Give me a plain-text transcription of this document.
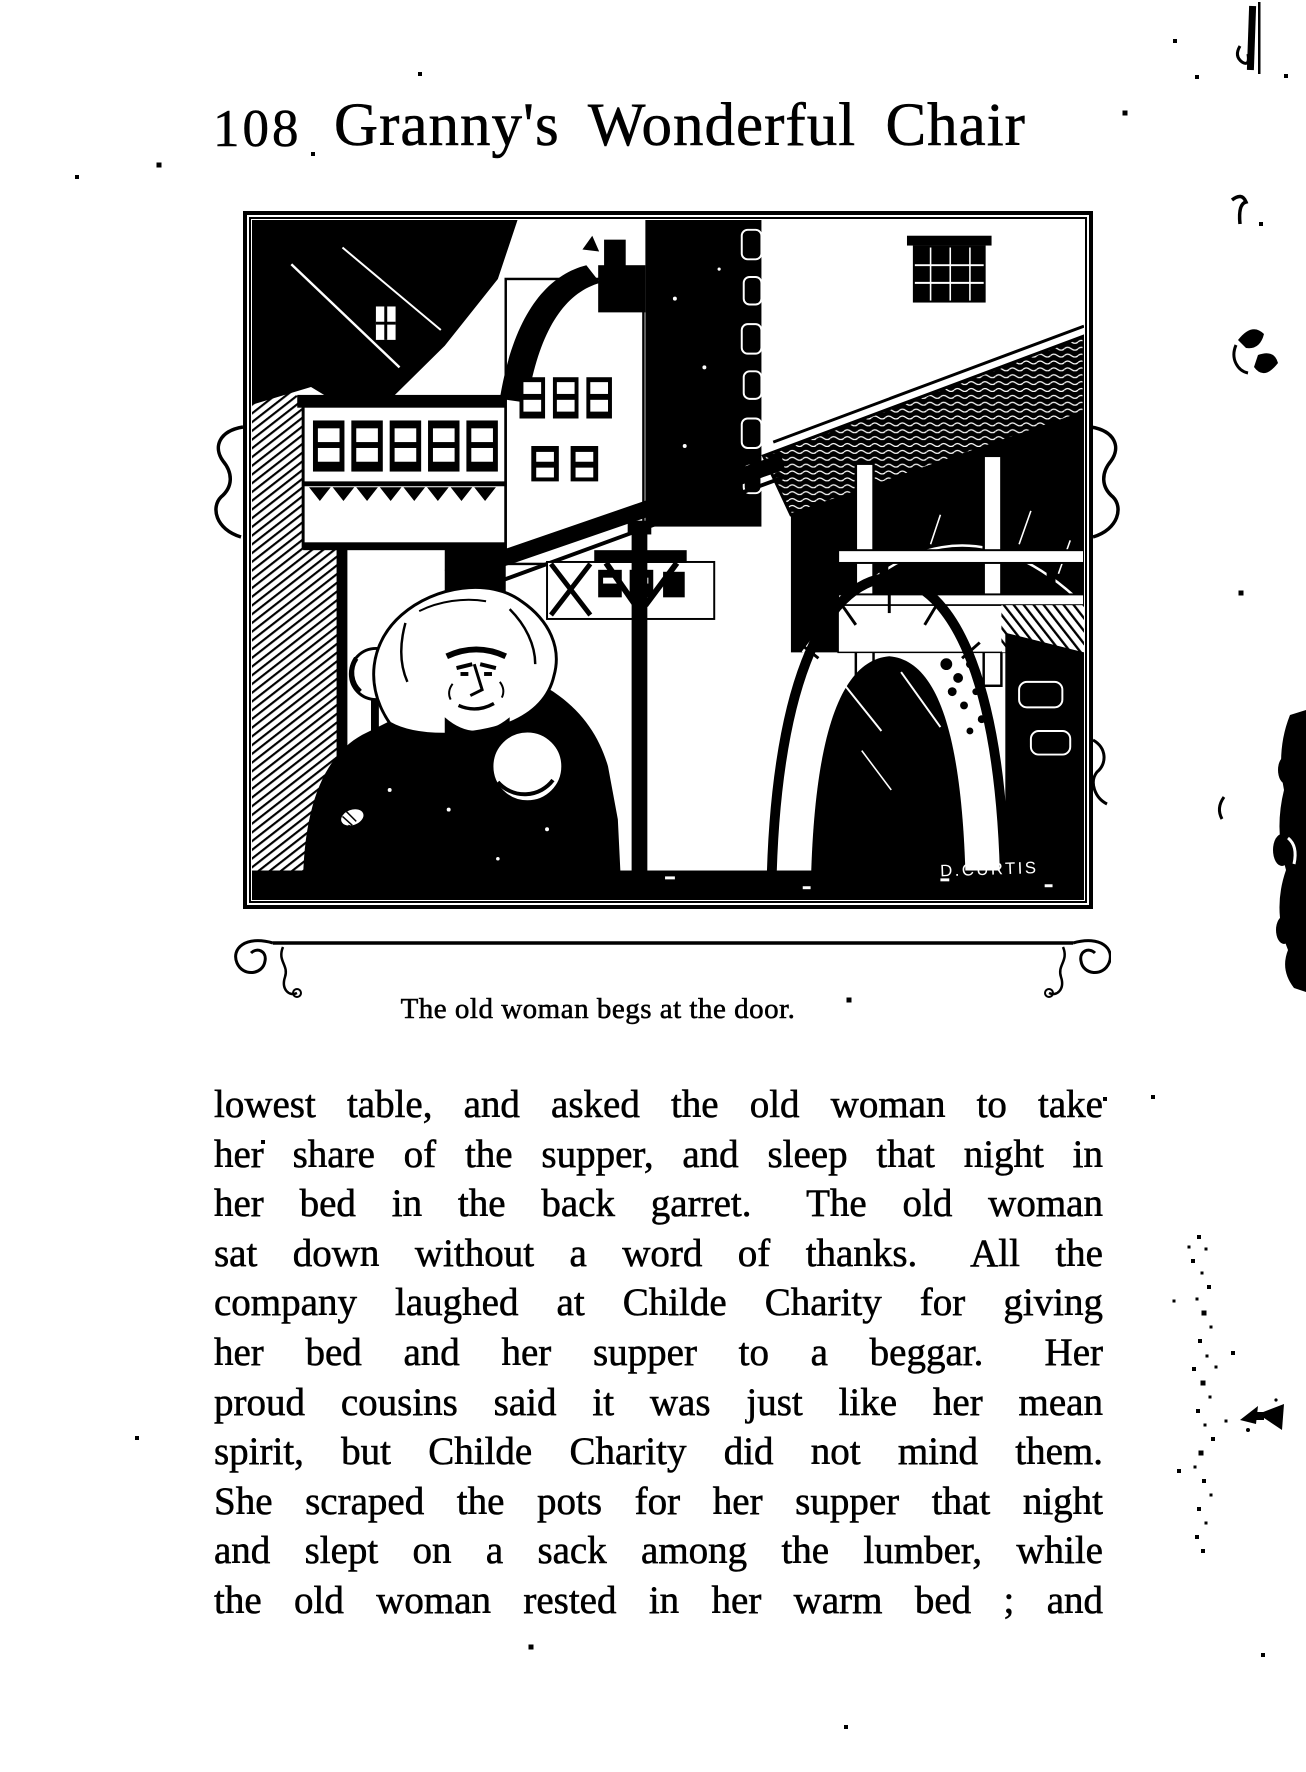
108 Granny's Wonderful Chair
D.CURTIS
The old woman begs at the door.
lowest table, and asked the old woman to take
her share of the supper, and sleep that night in
her bed in the back garret.  The old woman
sat down without a word of thanks.  All the
company laughed at Childe Charity for giving
her bed and her supper to a beggar.  Her
proud cousins said it was just like her mean
spirit, but Childe Charity did not mind them.
She scraped the pots for her supper that night
and slept on a sack among the lumber, while
the old woman rested in her warm bed ; and
